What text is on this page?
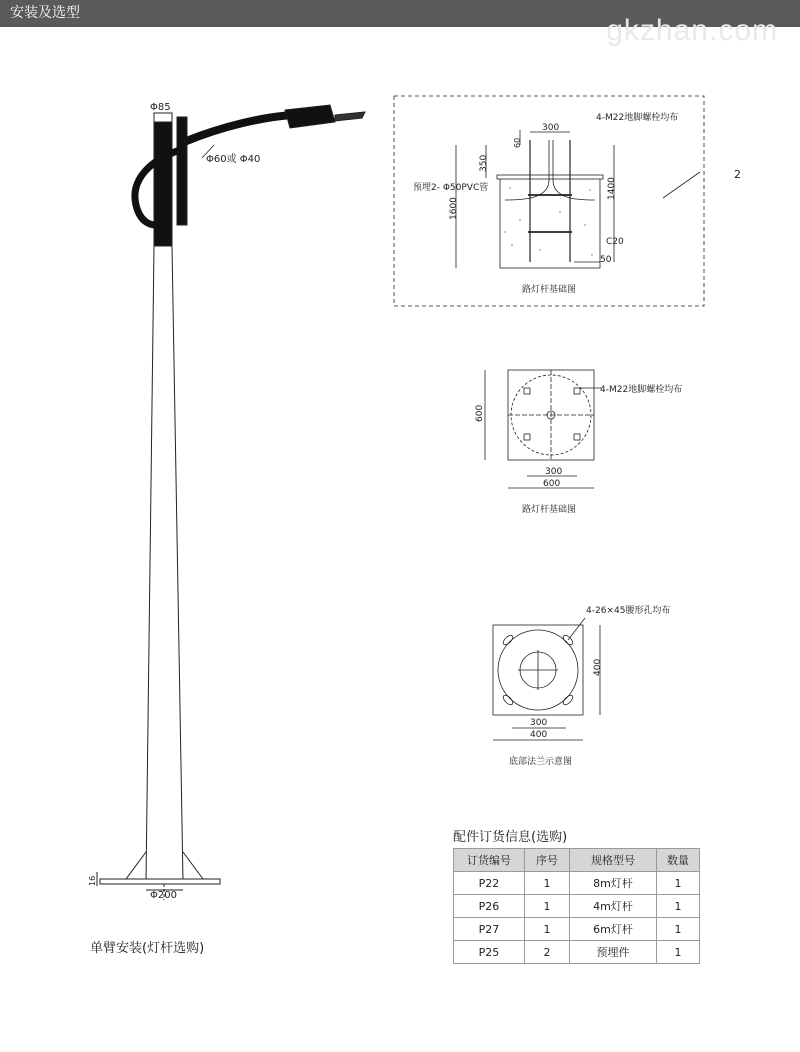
安装及选型
gkzhan.com
Φ85
Φ60或 Φ40
Φ200
16
4-M22地脚螺栓均布
300
60
350
预埋2- Φ50PVC管
1600
1400
C20
50
2
路灯杆基础图
4-M22地脚螺栓均布
600
300
600
路灯杆基础图
4-26×45腰形孔均布
400
300
400
底部法兰示意图
单臂安装(灯杆选购)
配件订货信息(选购)
订货编号	序号	规格型号	数量
P22	1	8m灯杆	1
P26	1	4m灯杆	1
P27	1	6m灯杆	1
P25	2	预埋件	1
